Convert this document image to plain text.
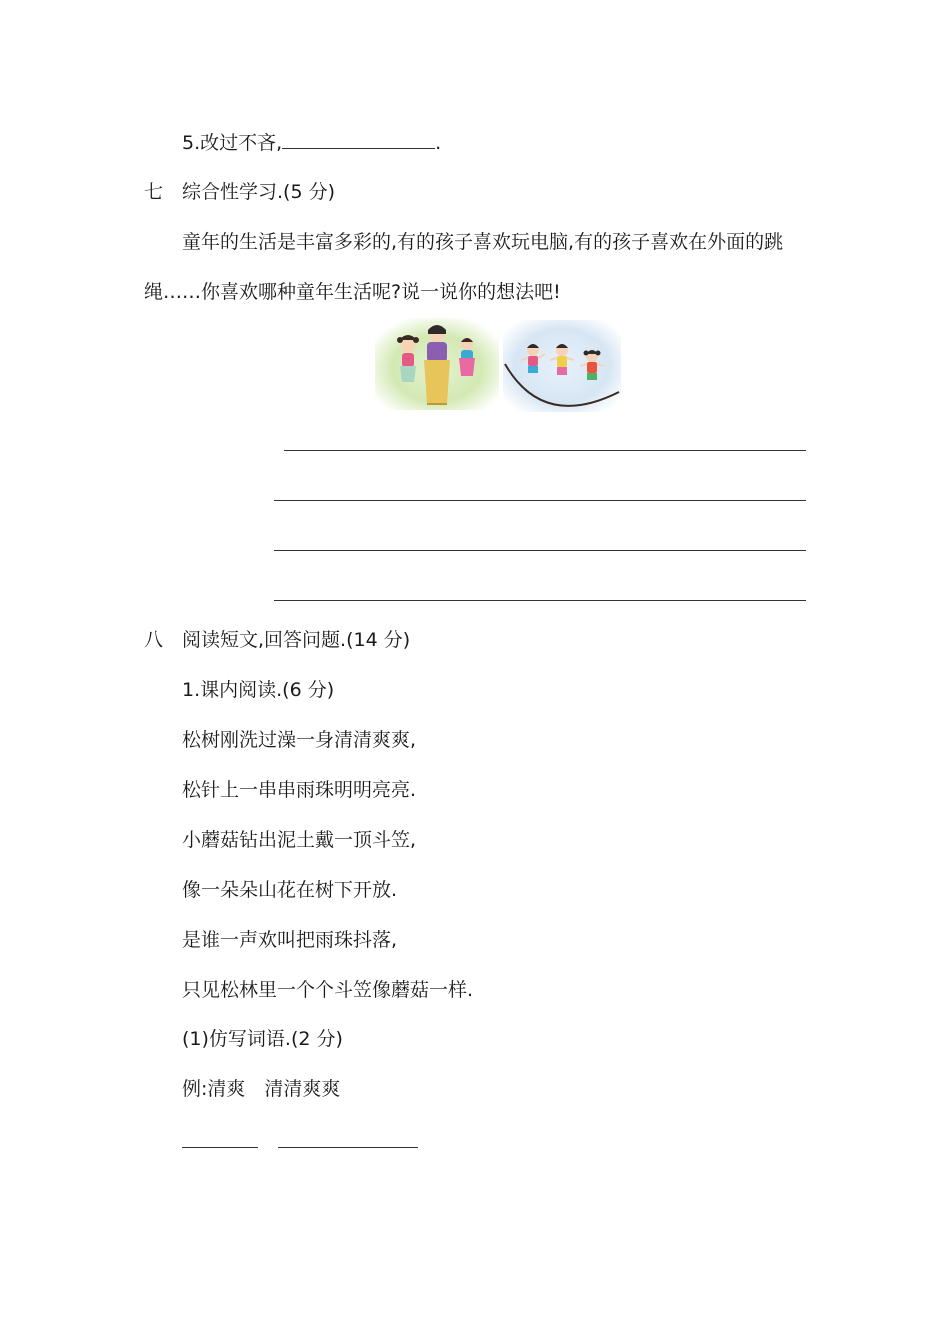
5.改过不吝,	.
七 综合性学习.(5 分)
童年的生活是丰富多彩的,有的孩子喜欢玩电脑,有的孩子喜欢在外面的跳
绳……你喜欢哪种童年生活呢?说一说你的想法吧!
八 阅读短文,回答问题.(14 分)
1.课内阅读.(6 分)
松树刚洗过澡一身清清爽爽,
松针上一串串雨珠明明亮亮.
小蘑菇钻出泥土戴一顶斗笠,
像一朵朵山花在树下开放.
是谁一声欢叫把雨珠抖落,
只见松林里一个个斗笠像蘑菇一样.
(1)仿写词语.(2 分)
例:清爽　清清爽爽
